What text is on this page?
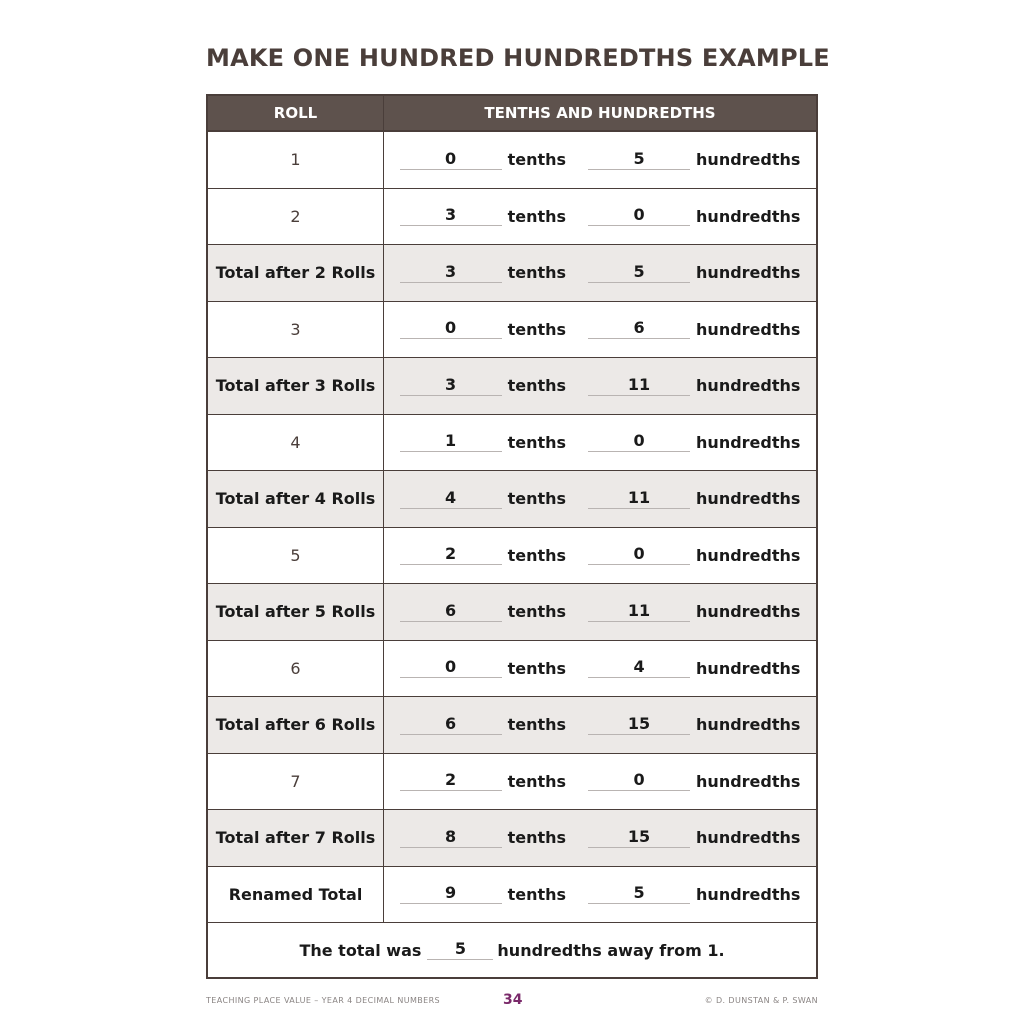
MAKE ONE HUNDRED HUNDREDTHS EXAMPLE
ROLL	TENTHS AND HUNDREDTHS
1	0	tenths	5	hundredths
2	3	tenths	0	hundredths
Total after 2 Rolls	3	tenths	5	hundredths
3	0	tenths	6	hundredths
Total after 3 Rolls	3	tenths	11	hundredths
4	1	tenths	0	hundredths
Total after 4 Rolls	4	tenths	11	hundredths
5	2	tenths	0	hundredths
Total after 5 Rolls	6	tenths	11	hundredths
6	0	tenths	4	hundredths
Total after 6 Rolls	6	tenths	15	hundredths
7	2	tenths	0	hundredths
Total after 7 Rolls	8	tenths	15	hundredths
Renamed Total	9	tenths	5	hundredths
The total was	5	hundredths away from 1.
TEACHING PLACE VALUE – YEAR 4 DECIMAL NUMBERS	34	© D. DUNSTAN & P. SWAN
